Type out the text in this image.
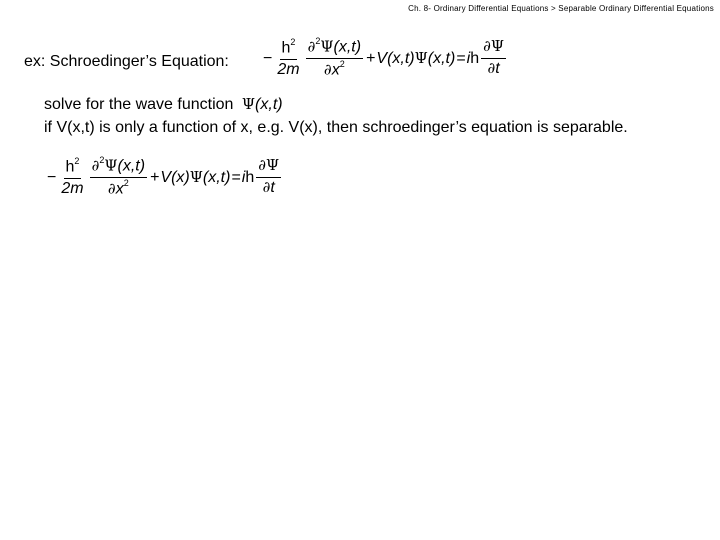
Ch. 8- Ordinary Differential Equations > Separable Ordinary Differential Equations
ex: Schroedinger’s Equation: − $\frac{h^2}{2m} \frac{\partial^2\Psi(x,t)}{\partial x^2} + V(x,t)$ Ψ (x,t) = i h $\frac{\partial\Psi}{\partial t}$
solve for the wave function Ψ (x,t)
if V(x,t) is only a function of x, e.g. V(x), then schroedinger’s equation is separable.
− $\frac{h^2}{2m} \frac{\partial^2\Psi(x,t)}{\partial x^2} + V(x)$ Ψ (x,t) = i h $\frac{\partial\Psi}{\partial t}$
